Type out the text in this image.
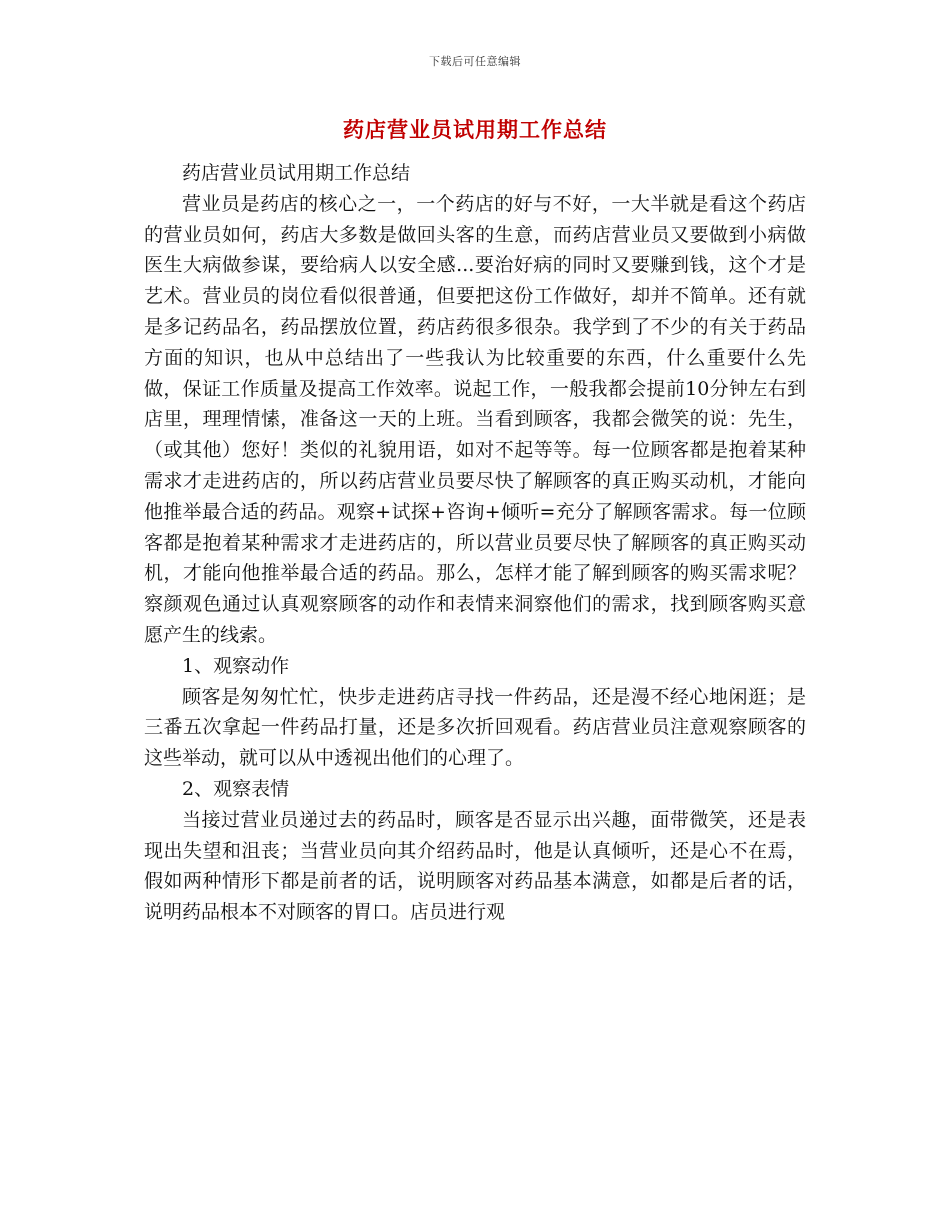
下载后可任意编辑
药店营业员试用期工作总结

药店营业员试用期工作总结

营业员是药店的核心之一，一个药店的好与不好，一大半就是看这个药店的营业员如何，药店大多数是做回头客的生意，而药店营业员又要做到小病做医生大病做参谋，要给病人以安全感...要治好病的同时又要赚到钱，这个才是艺术。营业员的岗位看似很普通，但要把这份工作做好，却并不简单。还有就是多记药品名，药品摆放位置，药店药很多很杂。我学到了不少的有关于药品方面的知识，也从中总结出了一些我认为比较重要的东西，什么重要什么先做，保证工作质量及提高工作效率。说起工作，一般我都会提前10分钟左右到店里，理理情愫，准备这一天的上班。当看到顾客，我都会微笑的说：先生，（或其他）您好！类似的礼貌用语，如对不起等等。每一位顾客都是抱着某种需求才走进药店的，所以药店营业员要尽快了解顾客的真正购买动机，才能向他推举最合适的药品。观察+试探+咨询+倾听=充分了解顾客需求。每一位顾客都是抱着某种需求才走进药店的，所以营业员要尽快了解顾客的真正购买动机，才能向他推举最合适的药品。那么，怎样才能了解到顾客的购买需求呢？察颜观色通过认真观察顾客的动作和表情来洞察他们的需求，找到顾客购买意愿产生的线索。

1、观察动作

顾客是匆匆忙忙，快步走进药店寻找一件药品，还是漫不经心地闲逛；是三番五次拿起一件药品打量，还是多次折回观看。药店营业员注意观察顾客的这些举动，就可以从中透视出他们的心理了。

2、观察表情

当接过营业员递过去的药品时，顾客是否显示出兴趣，面带微笑，还是表现出失望和沮丧；当营业员向其介绍药品时，他是认真倾听，还是心不在焉，假如两种情形下都是前者的话，说明顾客对药品基本满意，如都是后者的话，说明药品根本不对顾客的胃口。店员进行观
